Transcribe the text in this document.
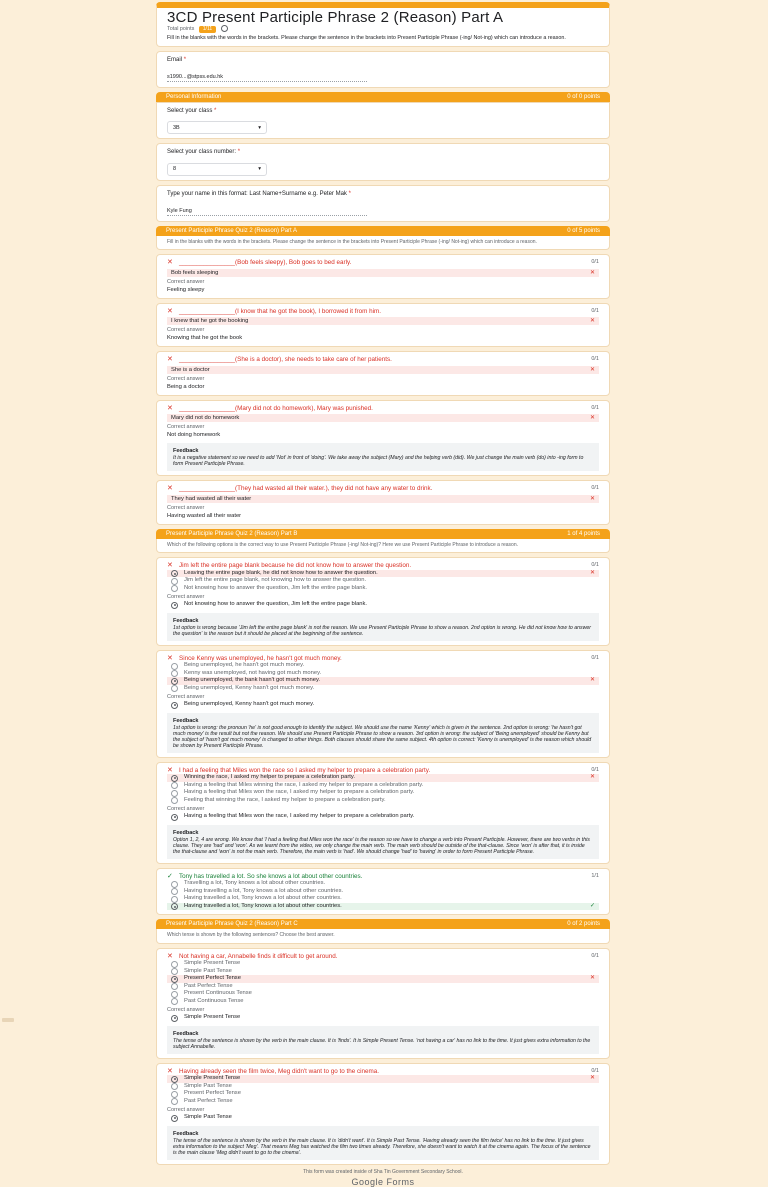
3CD Present Participle Phrase 2 (Reason) Part A
Total points 1/11
Fill in the blanks with the words in the brackets. Please change the sentence in the brackets into Present Participle Phrase (-ing/ Not-ing) which can introduce a reason.
Email *
s1990...@stpss.edu.hk
Personal Information	0 of 0 points
Select your class *
3B	▾
Select your class number: *
8	▾
Type your name in this format: Last Name+Surname e.g. Peter Mak *
Kyle Fung
Present Participle Phrase Quiz 2 (Reason) Part A	0 of 5 points
Fill in the blanks with the words in the brackets. Please change the sentence in the brackets into Present Participle Phrase (-ing/ Not-ing) which can introduce a reason.
✕ ________________(Bob feels sleepy), Bob goes to bed early.	0/1
Bob feels sleeping	✕
Correct answer
Feeling sleepy
✕ ________________(I know that he got the book), I borrowed it from him.	0/1
I knew that he got the booking	✕
Correct answer
Knowing that he got the book
✕ ________________(She is a doctor), she needs to take care of her patients.	0/1
She is a doctor	✕
Correct answer
Being a doctor
✕ ________________(Mary did not do homework), Mary was punished.	0/1
Mary did not do homework	✕
Correct answer
Not doing homework
Feedback
It is a negative statement so we need to add 'Not' in front of 'doing'. We take away the subject (Mary) and the helping verb (did). We just change the main verb (do) into -ing form to form Present Participle Phrase.
✕ ________________(They had wasted all their water.), they did not have any water to drink.	0/1
They had wasted all their water	✕
Correct answer
Having wasted all their water
Present Participle Phrase Quiz 2 (Reason) Part B	1 of 4 points
Which of the following options is the correct way to use Present Participle Phrase (-ing/ Not-ing)? Here we use Present Participle Phrase to introduce a reason.
✕ Jim left the entire page blank because he did not know how to answer the question.	0/1
Leaving the entire page blank, he did not know how to answer the question.	✕
Jim left the entire page blank, not knowing how to answer the question.
Not knowing how to answer the question, Jim left the entire page blank.
Correct answer
Not knowing how to answer the question, Jim left the entire page blank.
Feedback
1st option is wrong because 'Jim left the entire page blank' is not the reason. We use Present Participle Phrase to show a reason. 2nd option is wrong. He did not know how to answer the question' is the reason but it should be placed at the beginning of the sentence.
✕ Since Kenny was unemployed, he hasn't got much money.	0/1
Being unemployed, he hasn't got much money.
Kenny was unemployed, not having got much money.
Being unemployed, the bank hasn't got much money.	✕
Being unemployed, Kenny hasn't got much money.
Correct answer
Being unemployed, Kenny hasn't got much money.
Feedback
1st option is wrong: the pronoun 'he' is not good enough to identify the subject. We should use the name 'Kenny' which is given in the sentence. 2nd option is wrong: 'he hasn't got much money' is the result but not the reason. We should use Present Participle Phrase to show a reason. 3rd option is wrong: the subject of 'Being unemployed' should be Kenny but the subject of 'hasn't got much money' is changed to other things. Both clauses should share the same subject. 4th option is correct: 'Kenny is unemployed' is the reason which should be shown by Present Participle Phrase.
✕ I had a feeling that Miles won the race so I asked my helper to prepare a celebration party.	0/1
Winning the race, I asked my helper to prepare a celebration party.	✕
Having a feeling that Miles winning the race, I asked my helper to prepare a celebration party.
Having a feeling that Miles won the race, I asked my helper to prepare a celebration party.
Feeling that winning the race, I asked my helper to prepare a celebration party.
Correct answer
Having a feeling that Miles won the race, I asked my helper to prepare a celebration party.
Feedback
Option 1, 2, 4 are wrong. We know that 'I had a feeling that Miles won the race' is the reason so we have to change a verb into Present Participle. However, there are two verbs in this clause. They are 'had' and 'won'. As we learnt from the video, we only change the main verb. The main verb should be outside of the that-clause. Since 'won' is after that, it is inside the that-clause and 'won' is not the main verb. Therefore, the main verb is 'had'. We should change 'had' to 'having' in order to form Present Participle Phrase.
✓ Tony has travelled a lot. So she knows a lot about other countries.	1/1
Travelling a lot, Tony knows a lot about other countries.
Having travelling a lot, Tony knows a lot about other countries.
Having travelled a lot, Tony knows a lot about other countries.
Having travelled a lot, Tony knows a lot about other countries.	✓
Present Participle Phrase Quiz 2 (Reason) Part C	0 of 2 points
Which tense is shown by the following sentences? Choose the best answer.
✕ Not having a car, Annabelle finds it difficult to get around.	0/1
Simple Present Tense
Simple Past Tense
Present Perfect Tense	✕
Past Perfect Tense
Present Continuous Tense
Past Continuous Tense
Correct answer
Simple Present Tense
Feedback
The tense of the sentence is shown by the verb in the main clause. It is 'finds'. It is Simple Present Tense. 'not having a car' has no link to the time. It just gives extra information to the subject Annabelle.
✕ Having already seen the film twice, Meg didn't want to go to the cinema.	0/1
Simple Present Tense	✕
Simple Past Tense
Present Perfect Tense
Past Perfect Tense
Correct answer
Simple Past Tense
Feedback
The tense of the sentence is shown by the verb in the main clause. It is 'didn't want'. It is Simple Past Tense. 'Having already seen the film twice' has no link to the time. It just gives extra information to the subject 'Meg'. That means Meg has watched the film two times already. Therefore, she doesn't want to watch it at the cinema again. The focus of the sentence is the main clause 'Meg didn't want to go to the cinema'.
This form was created inside of Sha Tin Government Secondary School.
Google Forms
